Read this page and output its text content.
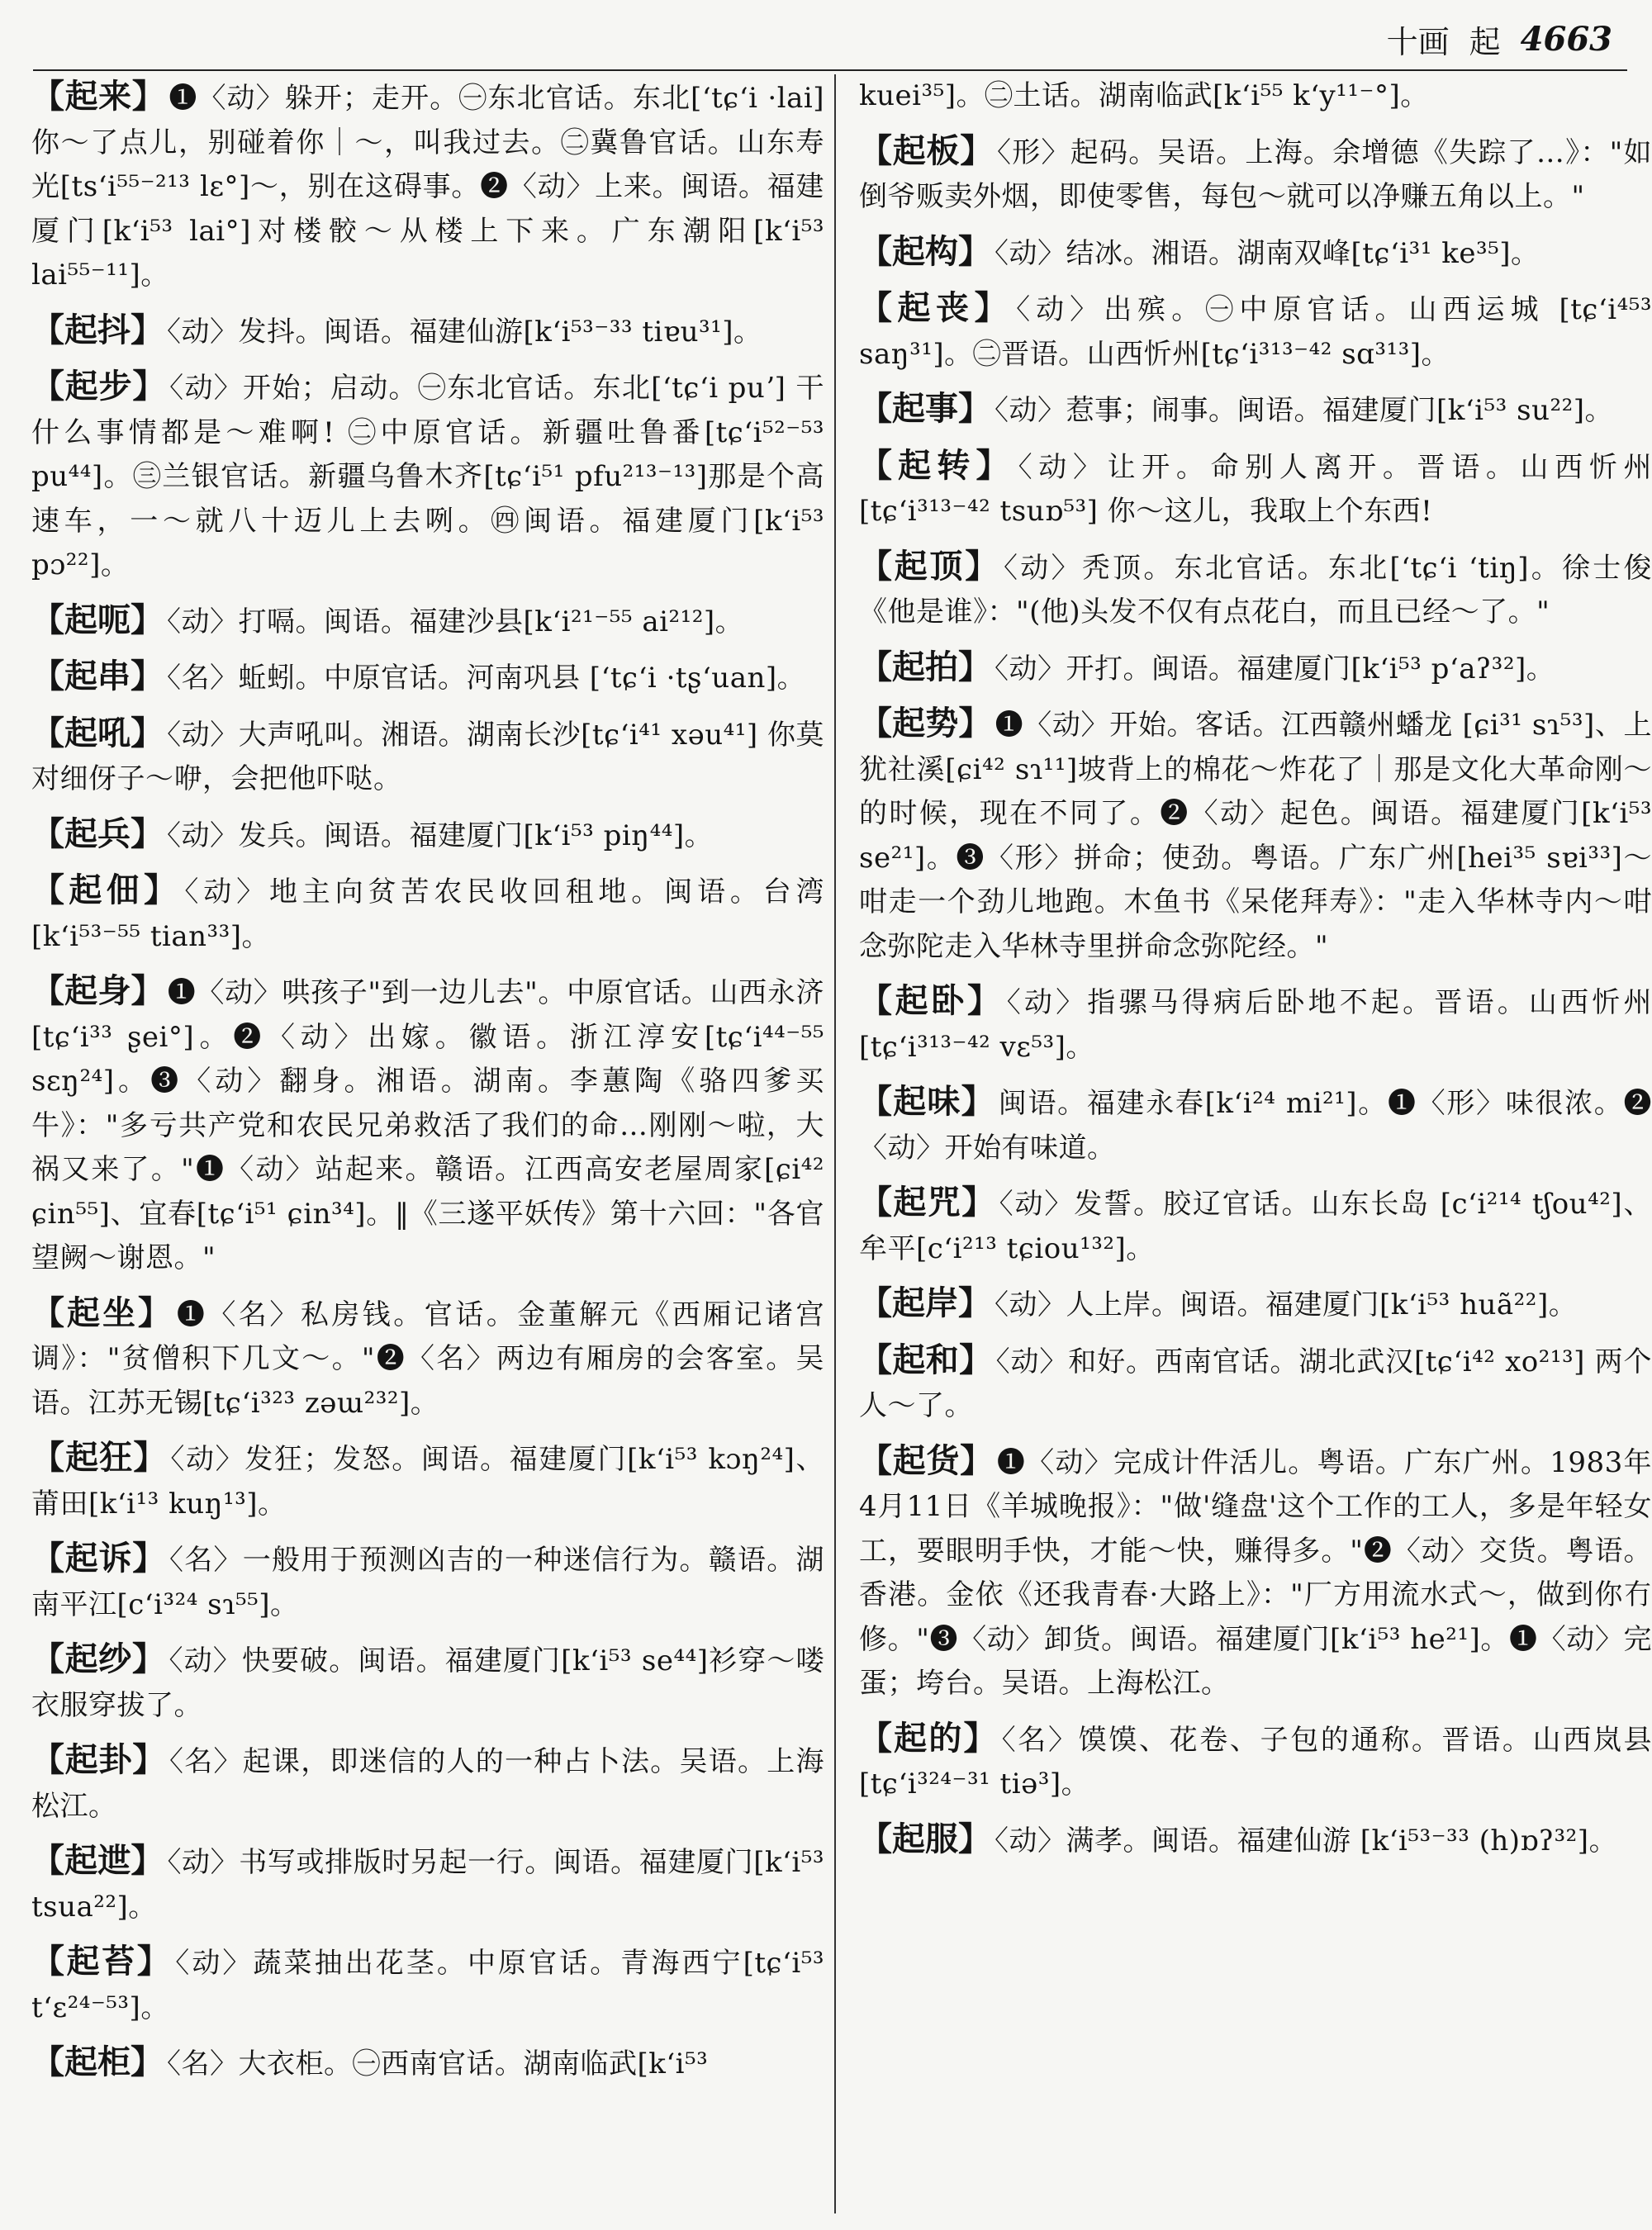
十画 起 4663
【起来】 ❶〈动〉躲开；走开。㊀东北官话。东北[ʻtɕʻi ·lai] 你～了点儿，别碰着你｜～，叫我过去。㊁冀鲁官话。山东寿光[tsʻi⁵⁵⁻²¹³ lɛ°]～，别在这碍事。❷〈动〉上来。闽语。福建厦门[kʻi⁵³ lai°]对楼骹～从楼上下来。广东潮阳[kʻi⁵³ lai⁵⁵⁻¹¹]。
【起抖】 〈动〉发抖。闽语。福建仙游[kʻi⁵³⁻³³ tiɐu³¹]。
【起步】 〈动〉开始；启动。㊀东北官话。东北[ʻtɕʻi puʼ] 干什么事情都是～难啊! ㊁中原官话。新疆吐鲁番[tɕʻi⁵²⁻⁵³ pu⁴⁴]。㊂兰银官话。新疆乌鲁木齐[tɕʻi⁵¹ pfu²¹³⁻¹³]那是个高速车，一～就八十迈儿上去咧。㊃闽语。福建厦门[kʻi⁵³ pɔ²²]。
【起呃】 〈动〉打嗝。闽语。福建沙县[kʻi²¹⁻⁵⁵ ai²¹²]。
【起串】 〈名〉蚯蚓。中原官话。河南巩县 [ʻtɕʻi ·tʂʻuan]。
【起吼】 〈动〉大声吼叫。湘语。湖南长沙[tɕʻi⁴¹ xəu⁴¹] 你莫对细伢子～咿，会把他吓哒。
【起兵】 〈动〉发兵。闽语。福建厦门[kʻi⁵³ piŋ⁴⁴]。
【起佃】 〈动〉地主向贫苦农民收回租地。闽语。台湾[kʻi⁵³⁻⁵⁵ tian³³]。
【起身】 ❶〈动〉哄孩子"到一边儿去"。中原官话。山西永济[tɕʻi³³ ʂei°]。❷〈动〉出嫁。徽语。浙江淳安[tɕʻi⁴⁴⁻⁵⁵ sɛŋ²⁴]。❸〈动〉翻身。湘语。湖南。李蕙陶《骆四爹买牛》："多亏共产党和农民兄弟救活了我们的命…刚刚～啦，大祸又来了。"❶〈动〉站起来。赣语。江西高安老屋周家[ɕi⁴² ɕin⁵⁵]、宜春[tɕʻi⁵¹ ɕin³⁴]。‖《三遂平妖传》第十六回："各官望阙～谢恩。"
【起坐】 ❶〈名〉私房钱。官话。金董解元《西厢记诸宫调》："贫僧积下几文～。"❷〈名〉两边有厢房的会客室。吴语。江苏无锡[tɕʻi³²³ zəɯ²³²]。
【起狂】 〈动〉发狂；发怒。闽语。福建厦门[kʻi⁵³ kɔŋ²⁴]、莆田[kʻi¹³ kuŋ¹³]。
【起诉】 〈名〉一般用于预测凶吉的一种迷信行为。赣语。湖南平江[cʻi³²⁴ sɿ⁵⁵]。
【起纱】 〈动〉快要破。闽语。福建厦门[kʻi⁵³ se⁴⁴]衫穿～喽衣服穿拔了。
【起卦】 〈名〉起课，即迷信的人的一种占卜法。吴语。上海松江。
【起迣】 〈动〉书写或排版时另起一行。闽语。福建厦门[kʻi⁵³ tsua²²]。
【起苔】 〈动〉蔬菜抽出花茎。中原官话。青海西宁[tɕʻi⁵³ tʻɛ²⁴⁻⁵³]。
【起柜】 〈名〉大衣柜。㊀西南官话。湖南临武[kʻi⁵³
kuei³⁵]。㊁土话。湖南临武[kʻi⁵⁵ kʻy¹¹⁻°]。
【起板】 〈形〉起码。吴语。上海。余增德《失踪了…》："如倒爷贩卖外烟，即使零售，每包～就可以净赚五角以上。"
【起构】 〈动〉结冰。湘语。湖南双峰[tɕʻi³¹ ke³⁵]。
【起丧】 〈动〉出殡。㊀中原官话。山西运城 [tɕʻi⁴⁵³ saŋ³¹]。㊁晋语。山西忻州[tɕʻi³¹³⁻⁴² sɑ³¹³]。
【起事】 〈动〉惹事；闹事。闽语。福建厦门[kʻi⁵³ su²²]。
【起转】 〈动〉让开。命别人离开。晋语。山西忻州[tɕʻi³¹³⁻⁴² tsuɒ⁵³] 你～这儿，我取上个东西!
【起顶】 〈动〉秃顶。东北官话。东北[ʻtɕʻi ʻtiŋ]。徐士俊《他是谁》："(他)头发不仅有点花白，而且已经～了。"
【起拍】 〈动〉开打。闽语。福建厦门[kʻi⁵³ pʻaʔ³²]。
【起势】 ❶〈动〉开始。客话。江西赣州蟠龙 [ɕi³¹ sɿ⁵³]、上犹社溪[ɕi⁴² sɿ¹¹]坡背上的棉花～炸花了｜那是文化大革命刚～的时候，现在不同了。❷〈动〉起色。闽语。福建厦门[kʻi⁵³ se²¹]。❸〈形〉拼命；使劲。粤语。广东广州[hei³⁵ sɐi³³]～咁走一个劲儿地跑。木鱼书《呆佬拜寿》："走入华林寺内～咁念弥陀走入华林寺里拼命念弥陀经。"
【起卧】 〈动〉指骡马得病后卧地不起。晋语。山西忻州[tɕʻi³¹³⁻⁴² vɛ⁵³]。
【起味】 闽语。福建永春[kʻi²⁴ mi²¹]。❶〈形〉味很浓。❷〈动〉开始有味道。
【起咒】 〈动〉发誓。胶辽官话。山东长岛 [cʻi²¹⁴ tʃou⁴²]、牟平[cʻi²¹³ tɕiou¹³²]。
【起岸】 〈动〉人上岸。闽语。福建厦门[kʻi⁵³ huã²²]。
【起和】 〈动〉和好。西南官话。湖北武汉[tɕʻi⁴² xo²¹³] 两个人～了。
【起货】 ❶〈动〉完成计件活儿。粤语。广东广州。1983年4月11日《羊城晚报》："做'缝盘'这个工作的工人，多是年轻女工，要眼明手快，才能～快，赚得多。"❷〈动〉交货。粤语。香港。金依《还我青春·大路上》："厂方用流水式～，做到你冇修。"❸〈动〉卸货。闽语。福建厦门[kʻi⁵³ he²¹]。❶〈动〉完蛋；垮台。吴语。上海松江。
【起的】 〈名〉馍馍、花卷、子包的通称。晋语。山西岚县 [tɕʻi³²⁴⁻³¹ tiə³]。
【起服】 〈动〉满孝。闽语。福建仙游 [kʻi⁵³⁻³³ (h)ɒʔ³²]。
